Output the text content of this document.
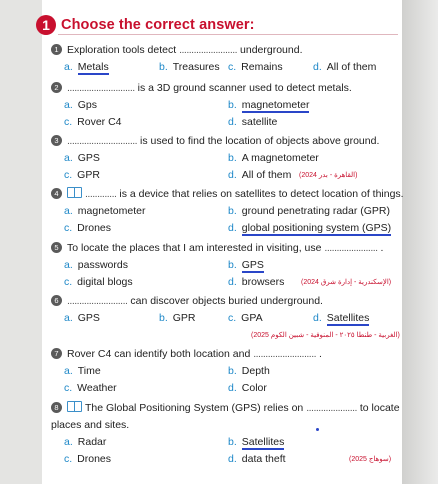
1 Choose the correct answer:
1 Exploration tools detect ........................ underground.
a. Metals	b. Treasures c. Remains	d. All of them
2 ............................ is a 3D ground scanner used to detect metals.
a. Gps	b. magnetometer
c. Rover C4	d. satellite
3 ............................. is used to find the location of objects above ground.
a. GPS	b. A magnetometer
c. GPR	d. All of them (القاهرة - بدر 2024)
4	............. is a device that relies on satellites to detect location of things.
a. magnetometer	b. ground penetrating radar (GPR)
c. Drones	d. global positioning system (GPS)
5 To locate the places that I am interested in visiting, use ...................... .
a. passwords	b. GPS
c. digital blogs	d. browsers (الإسكندرية - إدارة شرق 2024)
6 ......................... can discover objects buried underground.
a. GPS	b. GPR	c. GPA	d. Satellites
(الغربية - طنطا ٢٠٢٥ - المنوفية - شبين الكوم 2025)
7 Rover C4 can identify both location and .......................... .
a. Time	b. Depth
c. Weather	d. Color
8	The Global Positioning System (GPS) relies on ..................... to locate
places and sites.
a. Radar	b. Satellites
c. Drones	d. data theft	(سوهاج 2025)
